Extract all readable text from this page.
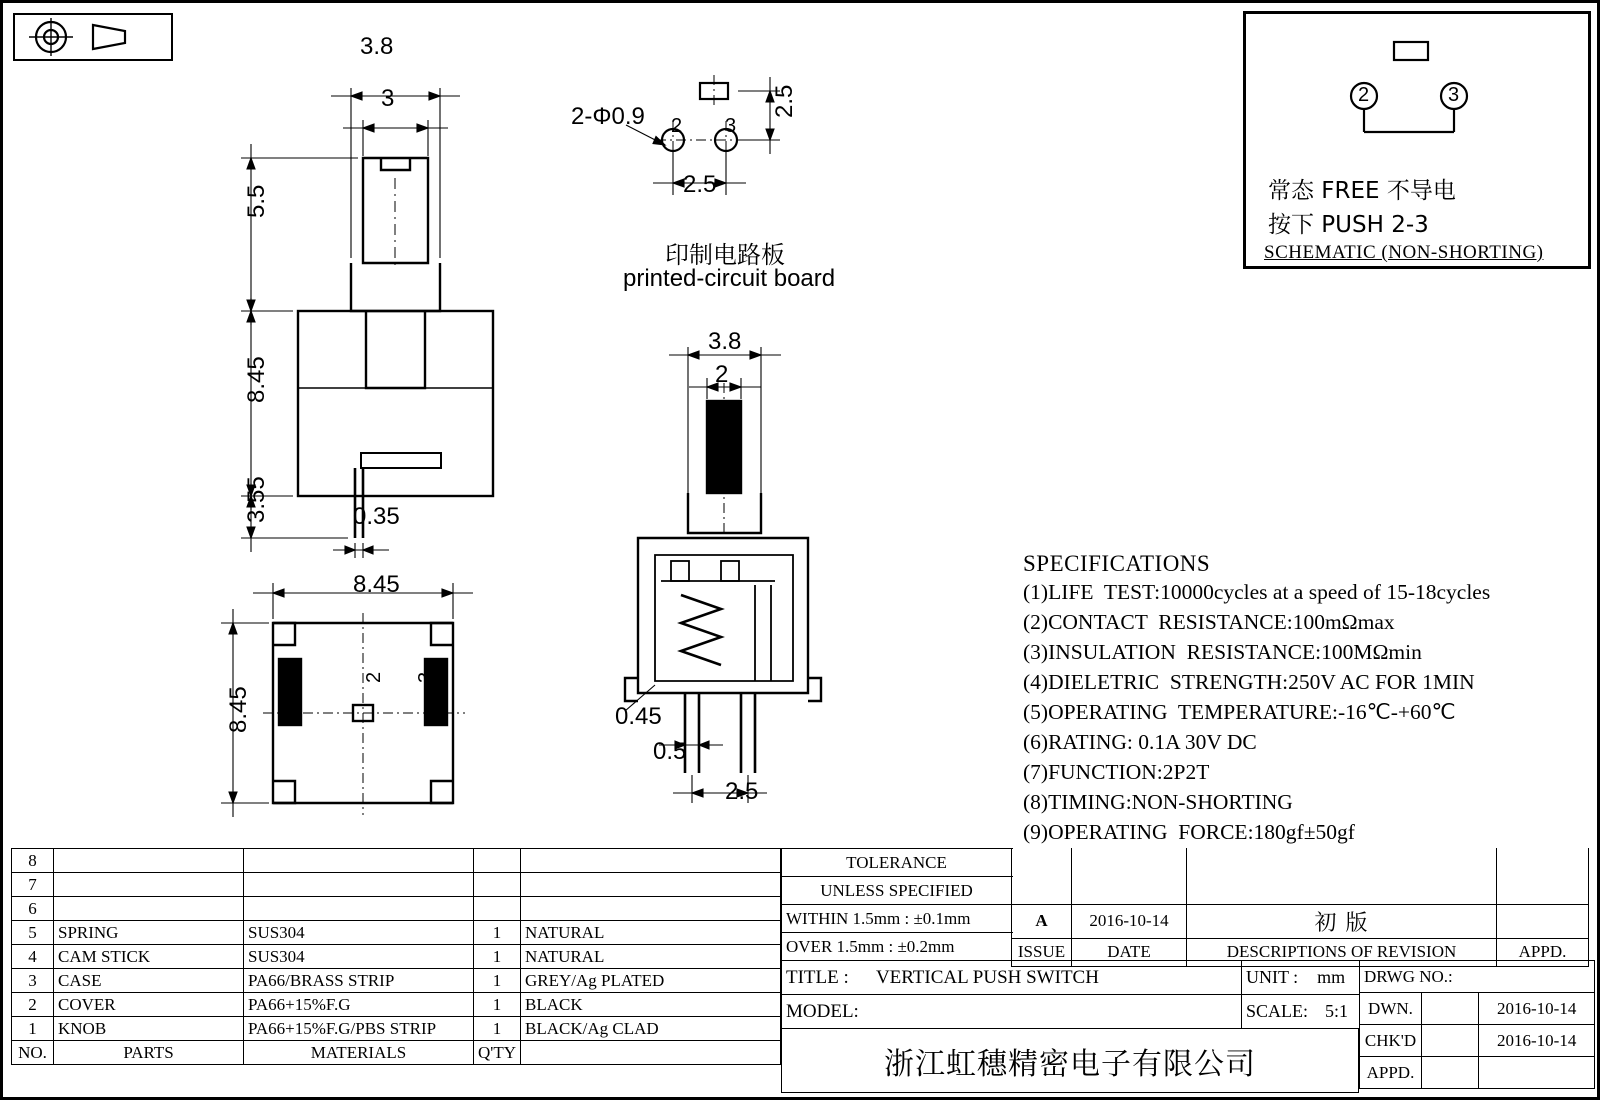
3.8
3
5.5
8.45
3.55	0.35
2-Φ0.9 2 3
2.5
2.5
印制电路板
printed-circuit board
8.45
8.45
2 3
3.8
2
0.45
0.5
2.5
2	3
常态 FREE 不导电
按下 PUSH 2-3
SCHEMATIC (NON-SHORTING)
SPECIFICATIONS
(1)LIFE  TEST:10000cycles at a speed of 15-18cycles
(2)CONTACT  RESISTANCE:100mΩmax
(3)INSULATION  RESISTANCE:100MΩmin
(4)DIELETRIC  STRENGTH:250V AC FOR 1MIN
(5)OPERATING  TEMPERATURE:-16℃-+60℃
(6)RATING: 0.1A 30V DC
(7)FUNCTION:2P2T
(8)TIMING:NON-SHORTING
(9)OPERATING  FORCE:180gf±50gf
8				
7				
6				
5	SPRING	SUS304	1	NATURAL
4	CAM STICK	SUS304	1	NATURAL
3	CASE	PA66/BRASS STRIP	1	GREY/Ag PLATED
2	COVER	PA66+15%F.G	1	BLACK
1	KNOB	PA66+15%F.G/PBS STRIP	1	BLACK/Ag CLAD
NO.	PARTS	MATERIALS	Q'TY	
TOLERANCE	
UNLESS SPECIFIED
WITHIN 1.5mm : ±0.1mm
OVER 1.5mm : ±0.2mm

A	2016-10-14	初 版	
ISSUE	DATE	DESCRIPTIONS OF REVISION	APPD.
TITLE : VERTICAL PUSH SWITCH	UNIT : mm
MODEL:	SCALE: 5:1
DRWG NO.:		
DWN.		2016-10-14
CHK'D		2016-10-14
APPD.		
浙江虹穗精密电子有限公司
